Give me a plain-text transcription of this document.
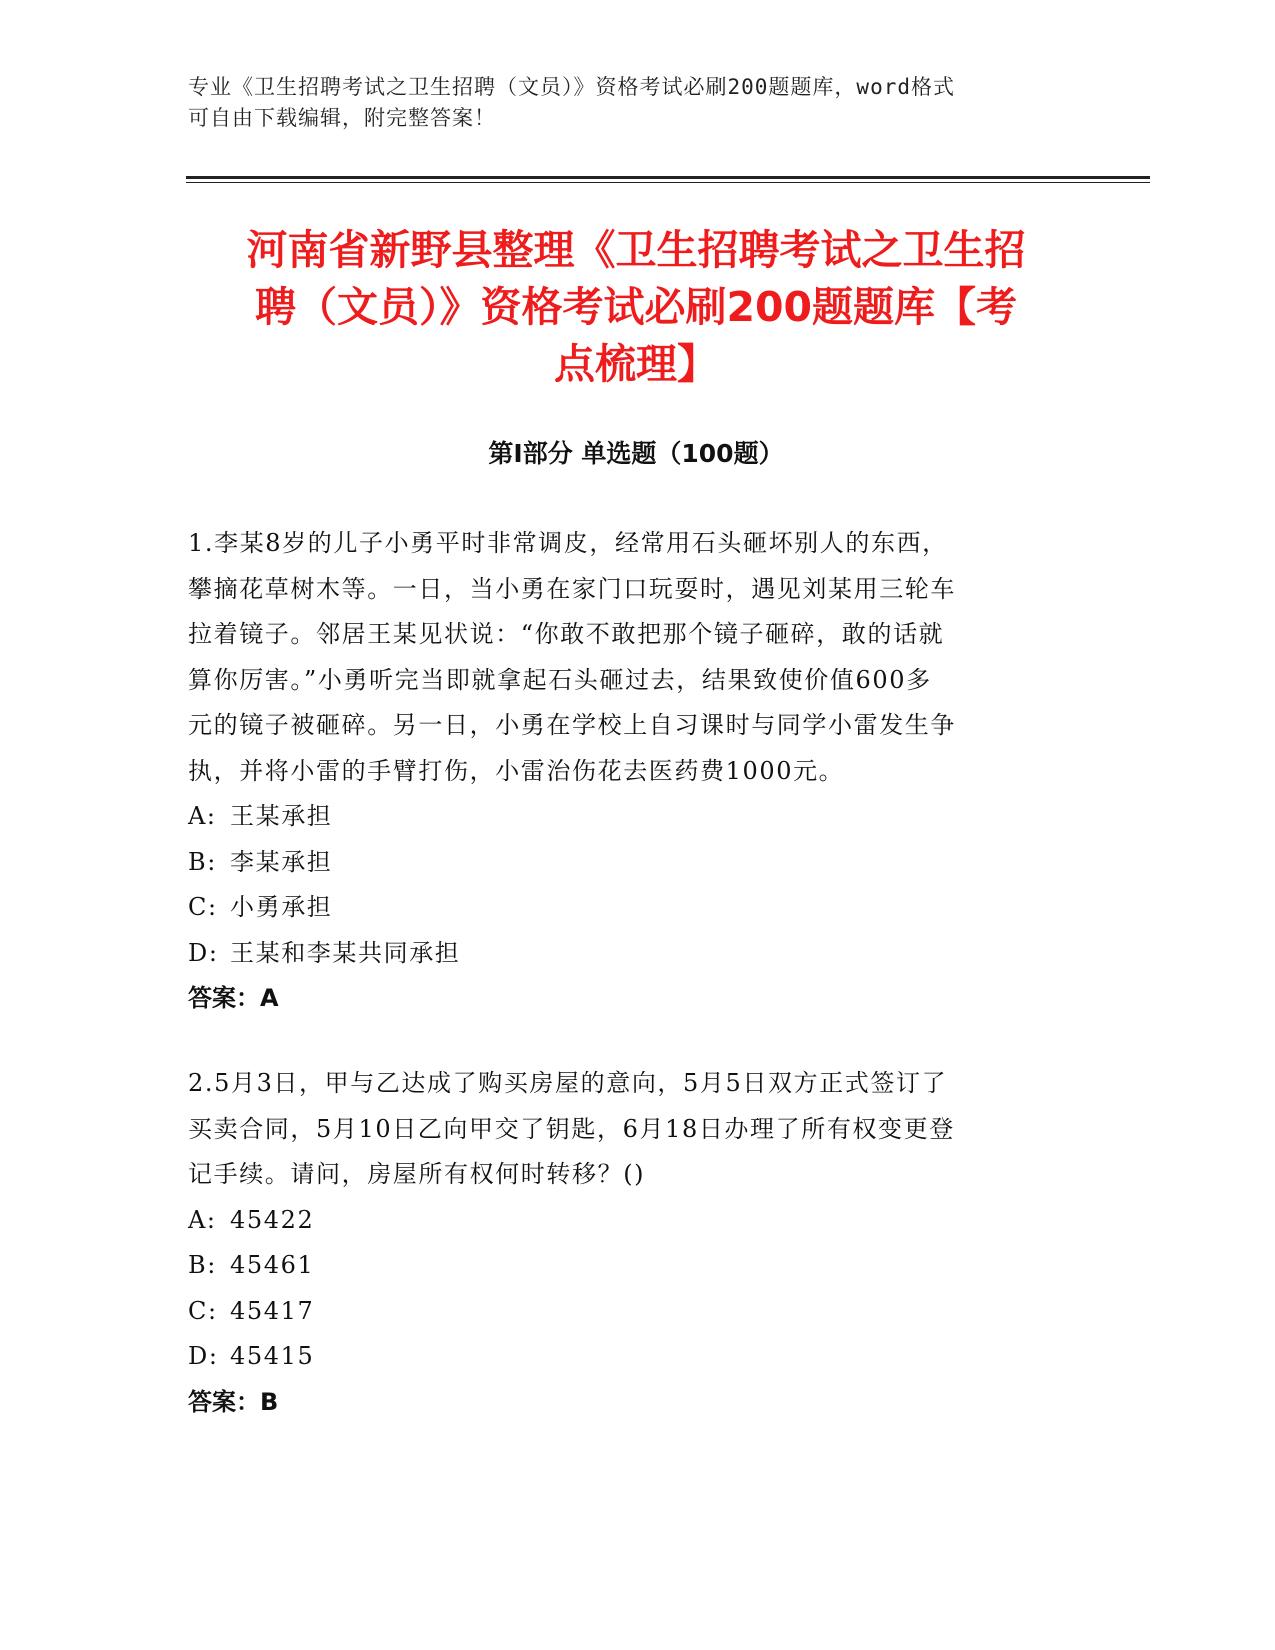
专业《卫生招聘考试之卫生招聘（文员）》资格考试必刷200题题库，word格式
可自由下载编辑，附完整答案！
河南省新野县整理《卫生招聘考试之卫生招
聘（文员）》资格考试必刷200题题库【考
点梳理】
第Ⅰ部分 单选题（100题）
1.李某8岁的儿子小勇平时非常调皮，经常用石头砸坏别人的东西，
攀摘花草树木等。一日，当小勇在家门口玩耍时，遇见刘某用三轮车
拉着镜子。邻居王某见状说：“你敢不敢把那个镜子砸碎，敢的话就
算你厉害。”小勇听完当即就拿起石头砸过去，结果致使价值600多
元的镜子被砸碎。另一日，小勇在学校上自习课时与同学小雷发生争
执，并将小雷的手臂打伤，小雷治伤花去医药费1000元。
A: 王某承担
B: 李某承担
C: 小勇承担
D: 王某和李某共同承担
答案：A
2.5月3日，甲与乙达成了购买房屋的意向，5月5日双方正式签订了
买卖合同，5月10日乙向甲交了钥匙，6月18日办理了所有权变更登
记手续。请问，房屋所有权何时转移？()
A: 45422
B: 45461
C: 45417
D: 45415
答案：B
